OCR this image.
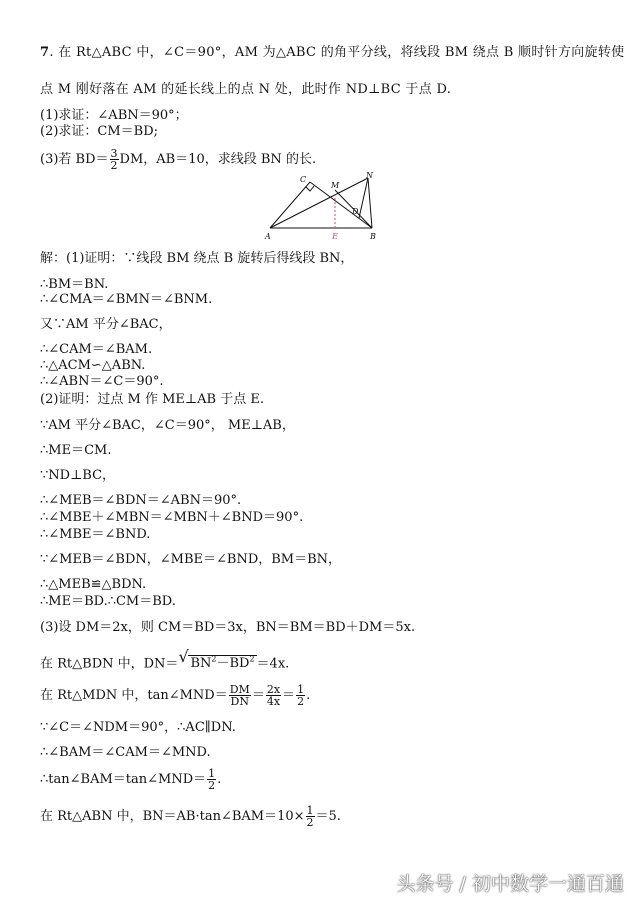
7. 在 Rt△ABC 中，∠C＝90°，AM 为△ABC 的角平分线，将线段 BM 绕点 B 顺时针方向旋转使
点 M 刚好落在 AM 的延长线上的点 N 处，此时作 ND⊥BC 于点 D.
(1)求证：∠ABN＝90°；
(2)求证：CM＝BD;
(3)若 $BD= \frac{3}{2}$ DM，AB＝10，求线段 BN 的长.
C
M
N
D
A	E	B
解：(1)证明：∵线段 BM 绕点 B 旋转后得线段 BN，
∴BM＝BN.
∴∠CMA＝∠BMN＝∠BNM.
又∵AM 平分∠BAC，
∴∠CAM＝∠BAM.
∴△ACM∽△ABN.
∴∠ABN＝∠C＝90°.
(2)证明：过点 M 作 ME⊥AB 于点 E.
∵AM 平分∠BAC，∠C＝90°， ME⊥AB，
∴ME＝CM.
∵ND⊥BC，
∴∠MEB＝∠BDN＝∠ABN＝90°.
∴∠MBE＋∠MBN＝∠MBN＋∠BND＝90°.
∴∠MBE＝∠BND.
∵∠MEB＝∠BDN，∠MBE＝∠BND，BM＝BN，
∴△MEB≌△BDN.
∴ME＝BD.∴CM＝BD.
(3)设 DM＝2x，则 CM＝BD＝3x，BN＝BM＝BD＋DM＝5x.
在 Rt△BDN 中，DN＝ √ $BN^2-BD^2 =4x$.
在 Rt△MDN 中，tan∠MND＝ $\frac{DM}{DN} = \frac{2x}{4x} = \frac{1}{2}$ .
∵∠C＝∠NDM＝90°，∴AC∥DN.
∴∠BAM＝∠CAM＝∠MND.
∴tan∠BAM＝tan∠MND＝ $\frac{1}{2}$ .
在 Rt△ABN 中，BN＝AB·tan∠BAM＝10× $\frac{1}{2} =5$.
头条号 / 初中数学一通百通
